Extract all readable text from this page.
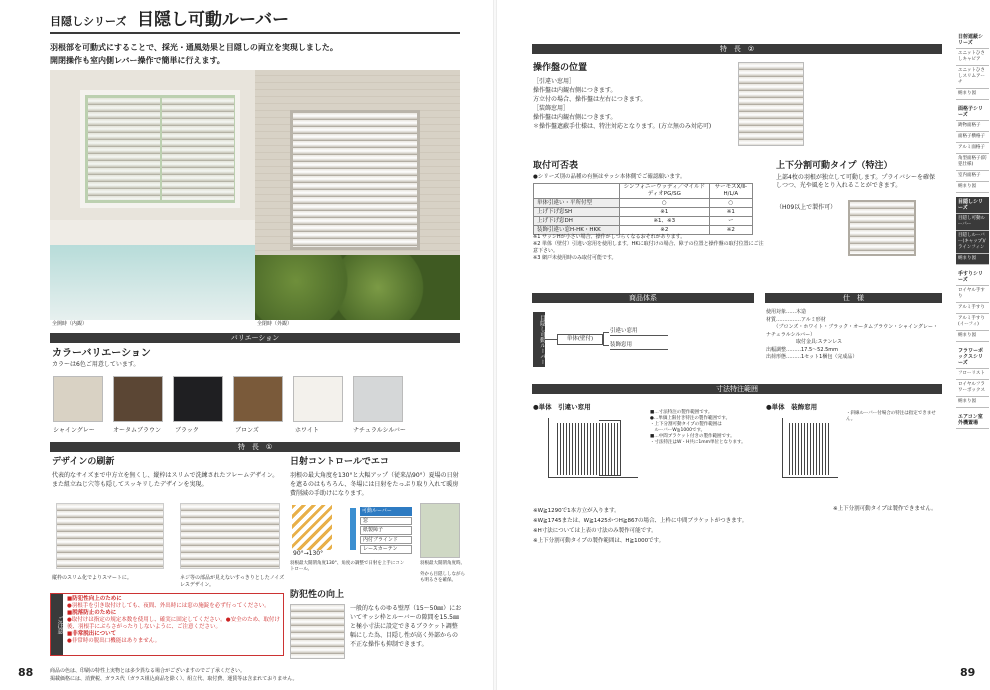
目隠しシリーズ 目隠し可動ルーバー
羽根部を可動式にすることで、採光・通風効果と目隠しの両立を実現しました。
開閉操作も室内側レバー操作で簡単に行えます。
全開時（内観）	全閉時（外観）
バリエーション
カラーバリエーション
カラーは6色ご用意しています。
シャイングレー	オータムブラウン	ブラック	ブロンズ	ホワイト	ナチュラルシルバー
特　長　①
デザインの刷新
代表的なサイズまで中方立を無くし、縦枠はスリムで洗練されたフレームデザイン。また組立ねじ穴等も隠してスッキリしたデザインを実現。
縦枠のスリム化でよりスマートに。	ネジ等の部品が見えないすっきりとしたノイズレスデザイン。
日射コントロールでエコ
羽根の最大角度を130°と大幅アップ（従来品90°）夏場の日射を遮るのはもちろん、冬場には日射をたっぷり取り入れて暖房費削減の手助けになります。
90°→130°
可動ルーバー
窓
紙製障子
内付ブラインド
レースカーテン
羽根最大開閉角度130°、角度の調整で日射を上手にコントロール。
羽根最大開閉角度時。
外から目隠ししながらも明るさを確保。
防犯性の向上
一般的なものゆる壁厚（15〜50㎜）においてサッシ枠とルーバーの隙間を15.5㎜と極小寸法に設定できるブラケット調整幅にした為、目隠し性が高く外部からの不正な操作も抑制できます。
ご注意
■防犯性向上のために
●羽根手を引き取付けしても、夜間、外出時には窓の施錠を必ず行ってください。
■脱落防止のために
●取付けは指定の規定本数を使用し、確実に固定してください。●安全のため、取付け後、羽根手にぶらさがったりしないように、ご注意ください。
■非常脱出について
●非常時の脱出口機能はありません。
商品の色は、印刷の特性上実物とは多少異なる場合がございますのでご了承ください。
掲載価格には、消費税、ガラス代（ガラス組込商品を除く）、組立代、取付費、運賃等は含まれておりません。
88
特　長　②
操作盤の位置
［引違い窓用］
操作盤は内観右側につきます。
方立付の場合、操作盤は左右につきます。
［装飾窓用］
操作盤は内観右側につきます。
＊操作盤遮蔽手仕様は、特注対応となります。(方立無のみ対応可)
取付可否表
●シリーズ別の品種の有無はサッシ本体側でご確認願います。
	シンフォニーウッディ／マイルドディオPG/SG	サーモスⅩ/Ⅱ-H/L/A
単体引違い・平所付型	○	○
上げ下げ窓SH	※1	※1
上げ下げ窓DH	※1、※3	ー
装飾引違い窓H-HK・HKK	※2	※2
※1 サッシHが小さい場合、操作がしづらくなるおそれがあります。
※2 単体（壁付）引違い窓用を使用します。HKに取付けの場合、障子の位置と操作盤の取付位置にご注意下さい。
※3 網戸未使用時のみ取付可能です。
上下分割可動タイプ（特注）
上部4枚の羽根が独立して可動します。プライバシーを確保しつつ、光や風をとり入れることができます。
（H09以上で製作可）
商品体系
目隠し可動ルーバー	単体(壁付)
引違い窓用
装飾窓用
仕　様
使用対象……木造
材質……………アルミ形材
　　（ブロンズ・ホワイト・ブラック・オータムブラウン・シャイングレー・ナチュラルシルバー）
　　　　　　取付金具:ステンレス
出幅調整………17.5〜52.5mm
出荷形態………1セット1梱包（完成品）
寸法特注範囲
●単体　引違い窓用
■…寸法特注の製作範囲です。
●…単価上限付き特注の製作範囲です。
・上下分割可動タイプの製作範囲は
　ルーバーW≧1000です。
■…中間ブラケット付きの製作範囲です。
・寸法特注はW・H共に1mm単位となります。
●単体　装飾窓用
・斜線ルーバー付場合の特注は指定できません。
※W≧1290で1本方立が入ります。
※W≧1745または、W≧1425かつH≧867の場合、上枠に中間ブラケットがつきます。
※H寸法については上表の寸法のみ製作可能です。
※上下分割可動タイプの製作範囲は、H≧1000です。
※上下分割可動タイプは製作できません。
89
日射遮蔽シリーズ
ユニットひさしキャピア
ユニットひさしスリムアーチ
納まり図
面格子シリーズ
鋳物面格子
面格子横格子
アルミ面格子
角型面格子(防犯仕様)
室内面格子
納まり図
目隠しシリーズ
目隠し可動ルーバー
目隠しルーバー(キャップ)/ラインフィン
納まり図
手すりシリーズ
ロイヤル手すり
アルミ手すり
アルミ手すり(イーフィ)
納まり図
フラワーボックスシリーズ
フローリスト
ロイヤルフラワーボックス
納まり図
エアコン室外機置場
